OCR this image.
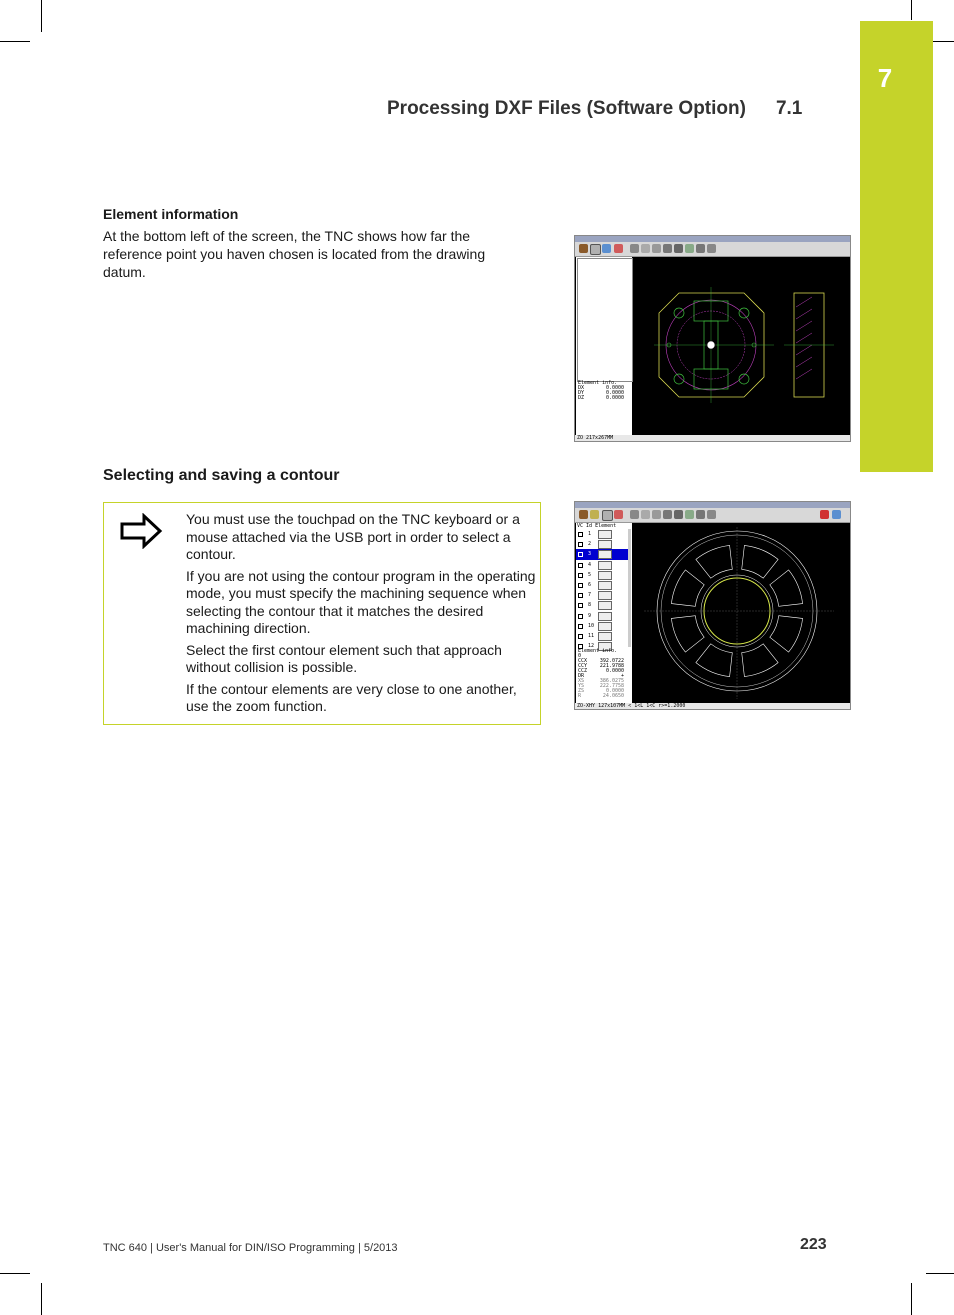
7
Processing DXF Files (Software Option) 7.1
Element information
At the bottom left of the screen, the TNC shows how far the reference point you haven chosen is located from the drawing datum.
Element info.
DX	0.0000
DY	0.0000
DZ	0.0000
ZO 217x267MM
Selecting and saving a contour

You must use the touchpad on the TNC keyboard or a mouse attached via the USB port in order to select a contour.

If you are not using the contour program in the operating mode, you must specify the machining sequence when selecting the contour that it matches the desired machining direction.

Select the first contour element such that approach without collision is possible.

If the contour elements are very close to one another, use the zoom function.

VC Id Element
1
2
3
4
5
6
7
8
9
10
11
12
Element info.
0
CCX	392.0722
CCY	221.9788
CCZ	0.0000
DR	+
XS	386.0275
YS	222.7758
ZS	0.0000
R	24.0650
ZO-XHY 127x107MM < 1<L 1<C r>=1.2000
TNC 640 | User's Manual for DIN/ISO Programming | 5/2013	223
